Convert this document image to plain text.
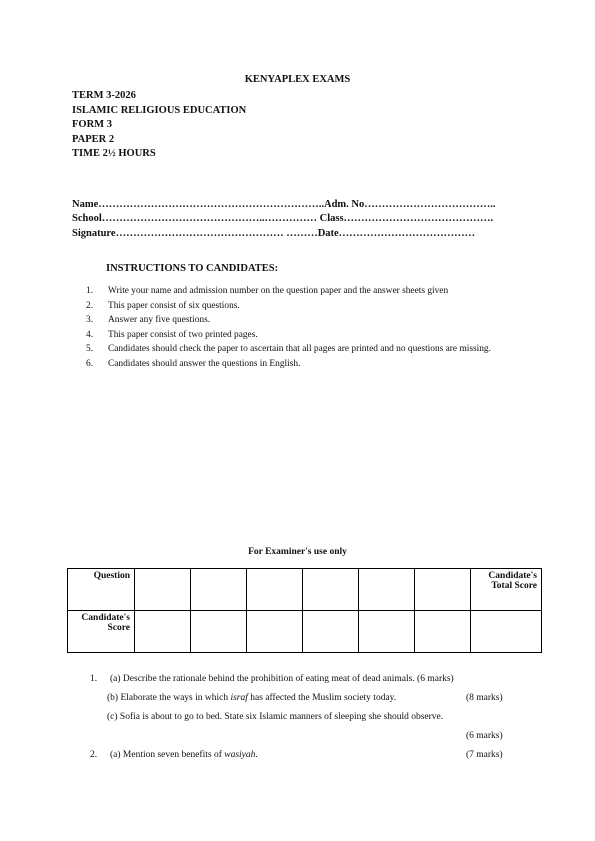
KENYAPLEX EXAMS
TERM 3-2026
ISLAMIC RELIGIOUS EDUCATION
FORM 3
PAPER 2
TIME 2½ HOURS
Name………………………………………………………..Adm. No………………………………..
School………………………………………..…………… Class…………………………………….
Signature………………………………………… ………Date…………………………………
INSTRUCTIONS TO CANDIDATES:
1.	Write your name and admission number on the question paper and the answer sheets given
2.	This paper consist of six questions.
3.	Answer any five questions.
4.	This paper consist of two printed pages.
5.	Candidates should check the paper to ascertain that all pages are printed and no questions are missing.
6.	Candidates should answer the questions in English.
For Examiner's use only
Question							Candidate's Total Score
Candidate's Score							
1. (a) Describe the rationale behind the prohibition of eating meat of dead animals. (6 marks)
(b) Elaborate the ways in which israf has affected the Muslim society today.	(8 marks)
(c) Sofia is about to go to bed. State six Islamic manners of sleeping she should observe.
(6 marks)
2. (a) Mention seven benefits of wasiyah.	(7 marks)
